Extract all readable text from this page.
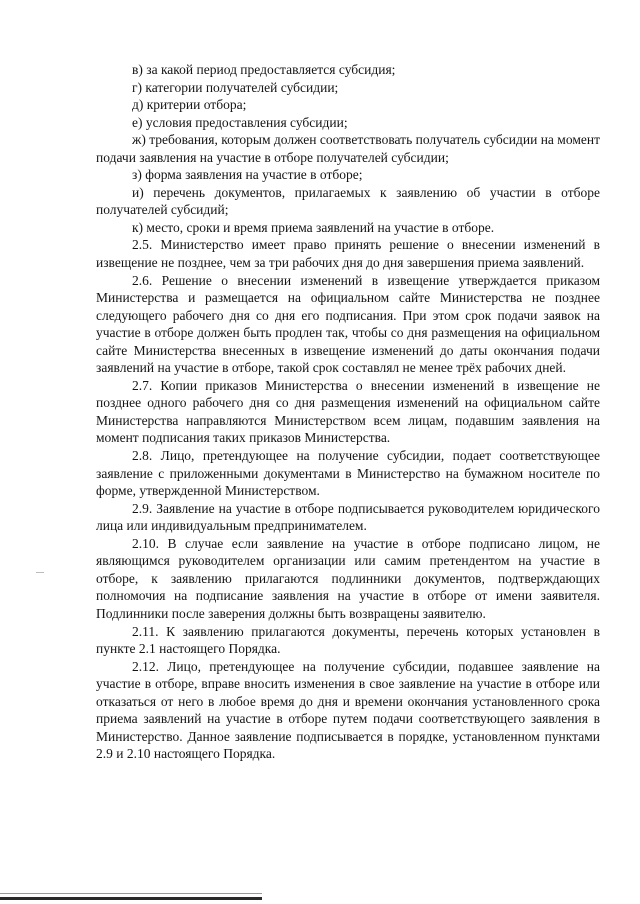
в) за какой период предоставляется субсидия;

г) категории получателей субсидии;

д) критерии отбора;

е) условия предоставления субсидии;

ж) требования, которым должен соответствовать получатель субсидии на момент подачи заявления на участие в отборе получателей субсидии;

з) форма заявления на участие в отборе;

и) перечень документов, прилагаемых к заявлению об участии в отборе получателей субсидий;

к) место, сроки и время приема заявлений на участие в отборе.

2.5. Министерство имеет право принять решение о внесении изменений в извещение не позднее, чем за три рабочих дня до дня завершения приема заявлений.

2.6. Решение о внесении изменений в извещение утверждается приказом Министерства и размещается на официальном сайте Министерства не позднее следующего рабочего дня со дня его подписания. При этом срок подачи заявок на участие в отборе должен быть продлен так, чтобы со дня размещения на официальном сайте Министерства внесенных в извещение изменений до даты окончания подачи заявлений на участие в отборе, такой срок составлял не менее трёх рабочих дней.

2.7. Копии приказов Министерства о внесении изменений в извещение не позднее одного рабочего дня со дня размещения изменений на официальном сайте Министерства направляются Министерством всем лицам, подавшим заявления на момент подписания таких приказов Министерства.

2.8. Лицо, претендующее на получение субсидии, подает соответствующее заявление с приложенными документами в Министерство на бумажном носителе по форме, утвержденной Министерством.

2.9. Заявление на участие в отборе подписывается руководителем юридического лица или индивидуальным предпринимателем.

2.10. В случае если заявление на участие в отборе подписано лицом, не являющимся руководителем организации или самим претендентом на участие в отборе, к заявлению прилагаются подлинники документов, подтверждающих полномочия на подписание заявления на участие в отборе от имени заявителя. Подлинники после заверения должны быть возвращены заявителю.

2.11. К заявлению прилагаются документы, перечень которых установлен в пункте 2.1 настоящего Порядка.

2.12. Лицо, претендующее на получение субсидии, подавшее заявление на участие в отборе, вправе вносить изменения в свое заявление на участие в отборе или отказаться от него в любое время до дня и времени окончания установленного срока приема заявлений на участие в отборе путем подачи соответствующего заявления в Министерство. Данное заявление подписывается в порядке, установленном пунктами 2.9 и 2.10 настоящего Порядка.
